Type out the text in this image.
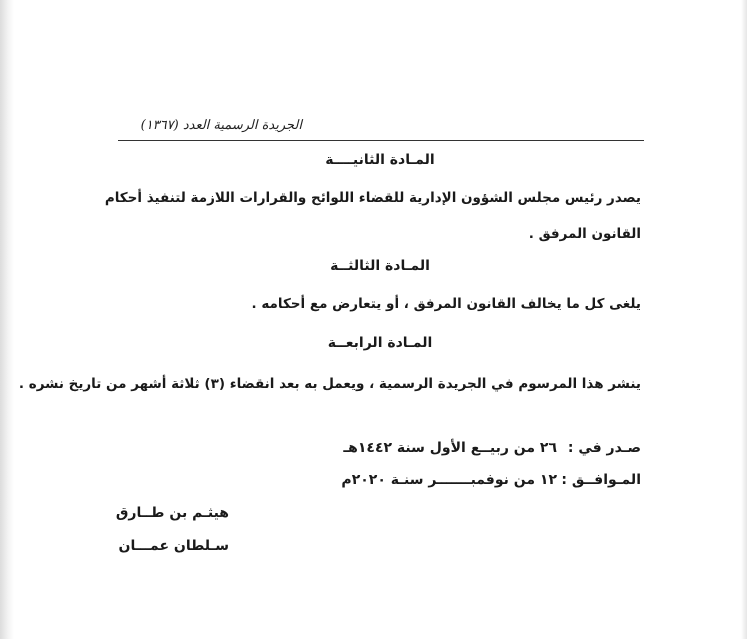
الجريدة الرسمية العدد (١٣٦٧)
المـادة الثانيــــة
يصدر رئيس مجلس الشؤون الإدارية للقضاء اللوائح والقرارات اللازمة لتنفيذ أحكام
القانون المرفق .
المـادة الثالثــة
يلغى كل ما يخالف القانون المرفق ، أو يتعارض مع أحكامه .
المـادة الرابعــة
ينشر هذا المرسوم في الجريدة الرسمية ، ويعمل به بعد انقضاء (٣) ثلاثة أشهر من تاريخ نشره .
صـدر في :
٢٦ من ربيــع الأول سنة ١٤٤٢هـ
المـوافــق :
١٢ من نوفمبـــــــر سنـة ٢٠٢٠م
هيثـم بن طــارق
سـلطان عمـــان
